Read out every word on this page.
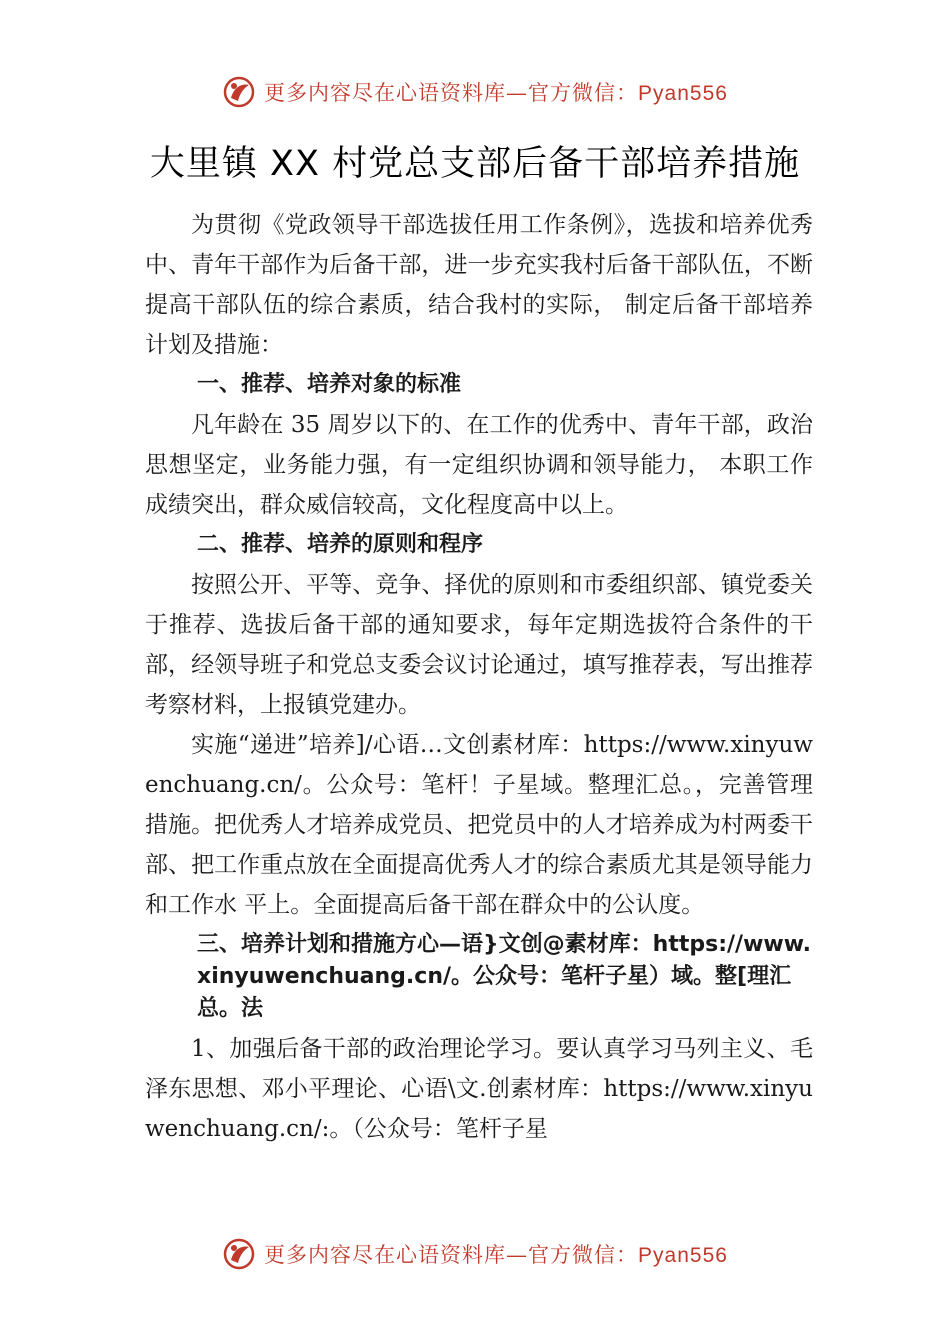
更多内容尽在心语资料库—官方微信：Pyan556
大里镇 XX 村党总支部后备干部培养措施

为贯彻《党政领导干部选拔任用工作条例》，选拔和培养优秀中、青年干部作为后备干部，进一步充实我村后备干部队伍，不断提高干部队伍的综合素质，结合我村的实际， 制定后备干部培养计划及措施：

一、推荐、培养对象的标准

凡年龄在 35 周岁以下的、在工作的优秀中、青年干部，政治思想坚定，业务能力强，有一定组织协调和领导能力， 本职工作成绩突出，群众威信较高，文化程度高中以上。

二、推荐、培养的原则和程序

按照公开、平等、竞争、择优的原则和市委组织部、镇党委关于推荐、选拔后备干部的通知要求，每年定期选拔符合条件的干部，经领导班子和党总支委会议讨论通过，填写推荐表，写出推荐考察材料，上报镇党建办。

实施“递进”培养]/心语…文创素材库：https://www.xinyuwenchuang.cn/。公众号：笔杆！子星域。整理汇总。，完善管理措施。把优秀人才培养成党员、把党员中的人才培养成为村两委干部、把工作重点放在全面提高优秀人才的综合素质尤其是领导能力和工作水 平上。全面提高后备干部在群众中的公认度。

三、培养计划和措施方心—语}文创@素材库：https://www.xinyuwenchuang.cn/。公众号：笔杆子星）域。整[理汇总。法

1、加强后备干部的政治理论学习。要认真学习马列主义、毛泽东思想、邓小平理论、心语\文.创素材库：https://www.xinyuwenchuang.cn/:。（公众号：笔杆子星

更多内容尽在心语资料库—官方微信：Pyan556
